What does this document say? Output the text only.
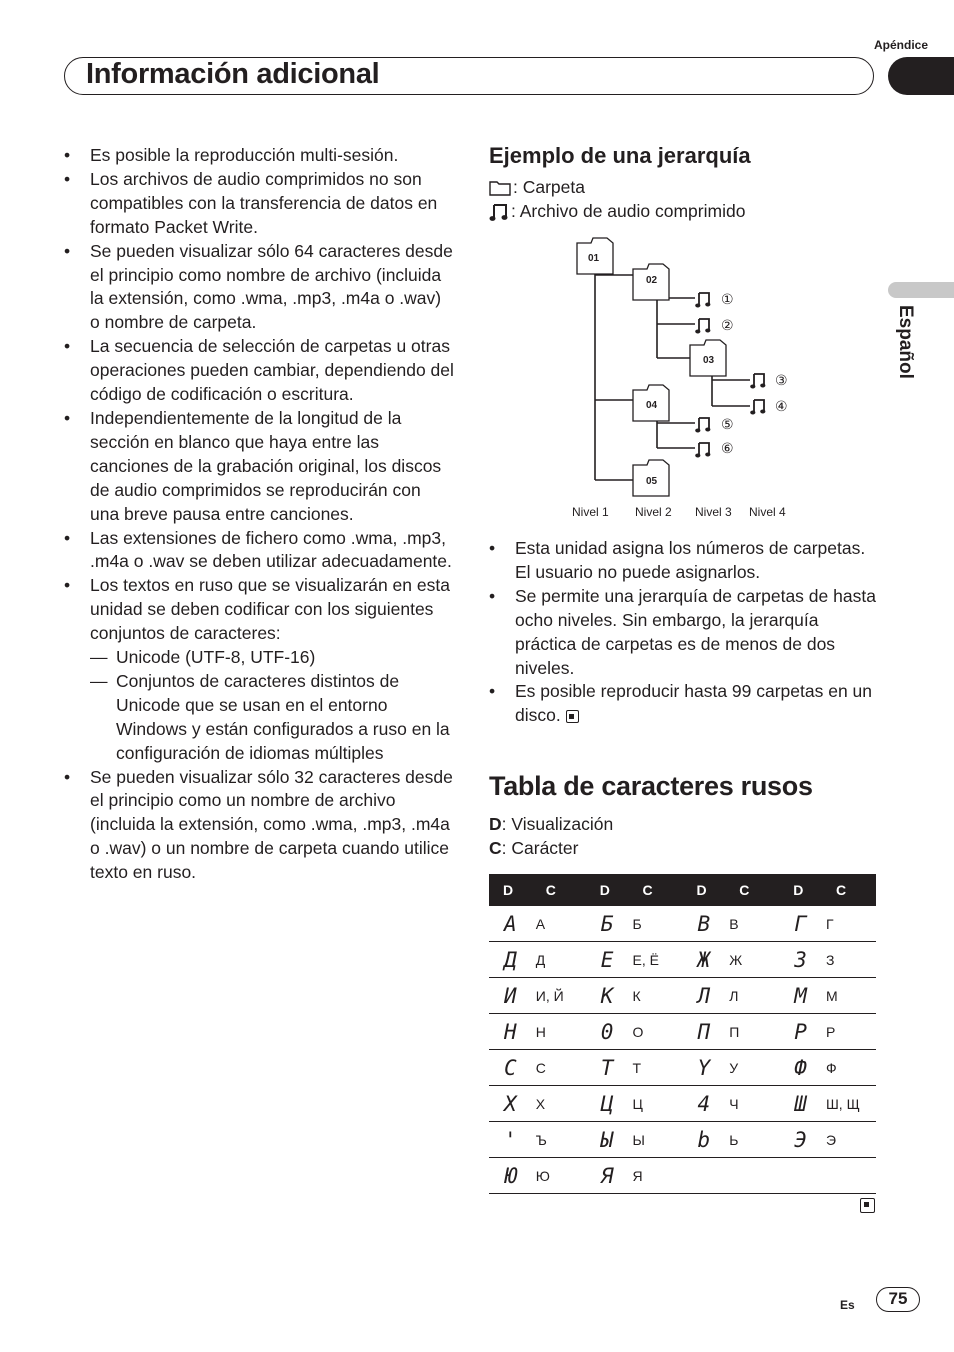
Apéndice
Información adicional
Español
• Es posible la reproducción multi-sesión.
• Los archivos de audio comprimidos no son compatibles con la transferencia de datos en formato Packet Write.
• Se pueden visualizar sólo 64 caracteres desde el principio como nombre de archivo (incluida la extensión, como .wma, .mp3, .m4a o .wav) o nombre de carpeta.
• La secuencia de selección de carpetas u otras operaciones pueden cambiar, dependiendo del código de codificación o escritura.
• Independientemente de la longitud de la sección en blanco que haya entre las canciones de la grabación original, los discos de audio comprimidos se reproducirán con una breve pausa entre canciones.
• Las extensiones de fichero como .wma, .mp3, .m4a o .wav se deben utilizar adecuadamente.
• Los textos en ruso que se visualizarán en esta unidad se deben codificar con los siguientes conjuntos de caracteres:
— Unicode (UTF-8, UTF-16)
— Conjuntos de caracteres distintos de Unicode que se usan en el entorno Windows y están configurados a ruso en la configuración de idiomas múltiples
• Se pueden visualizar sólo 32 caracteres desde el principio como un nombre de archivo (incluida la extensión, como .wma, .mp3, .m4a o .wav) o un nombre de carpeta cuando utilice texto en ruso.
Ejemplo de una jerarquía
: Carpeta
: Archivo de audio comprimido
01
02
03
04
05
①
②
③
④
⑤
⑥
Nivel 1 Nivel 2 Nivel 3 Nivel 4
• Esta unidad asigna los números de carpetas. El usuario no puede asignarlos.
• Se permite una jerarquía de carpetas de hasta ocho niveles. Sin embargo, la jerarquía práctica de carpetas es de menos de dos niveles.
• Es posible reproducir hasta 99 carpetas en un disco.
Tabla de caracteres rusos
D: Visualización
C: Carácter
D	C	D	C	D	C	D	C
A	А	Б	Б	B	В	Г	Г
Д	Д	E	Е, Ё	Ж	Ж	3	З
И	И, Й	K	К	Л	Л	M	М
H	Н	0	О	П	П	P	Р
C	С	T	Т	Y	У	Ф	Ф
X	Х	Ц	Ц	4	Ч	Ш	Ш, Щ
'	Ъ	Ы	Ы	b	Ь	Э	Э
Ю	Ю	Я	Я				
Es	75
